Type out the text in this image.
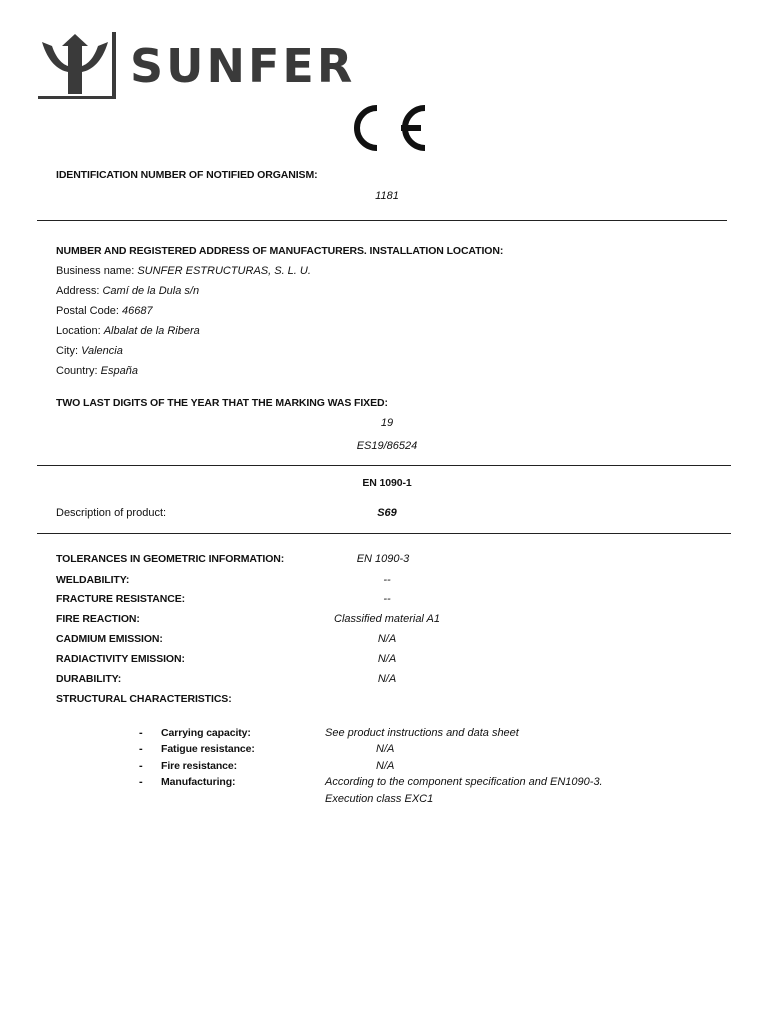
SUNFER
IDENTIFICATION NUMBER OF NOTIFIED ORGANISM:
1181
NUMBER AND REGISTERED ADDRESS OF MANUFACTURERS. INSTALLATION LOCATION:
Business name: SUNFER ESTRUCTURAS, S. L. U.
Address: Camí de la Dula s/n
Postal Code: 46687
Location: Albalat de la Ribera
City: Valencia
Country: España
TWO LAST DIGITS OF THE YEAR THAT THE MARKING WAS FIXED:
19
ES19/86524
EN 1090-1
Description of product:	S69
TOLERANCES IN GEOMETRIC INFORMATION:	EN 1090-3
WELDABILITY:	--
FRACTURE RESISTANCE:	--
FIRE REACTION:	Classified material A1
CADMIUM EMISSION:	N/A
RADIACTIVITY EMISSION:	N/A
DURABILITY:	N/A
STRUCTURAL CHARACTERISTICS:
- Carrying capacity:	See product instructions and data sheet
- Fatigue resistance:	N/A
- Fire resistance:	N/A
- Manufacturing:	According to the component specification and EN1090-3.
Execution class EXC1
